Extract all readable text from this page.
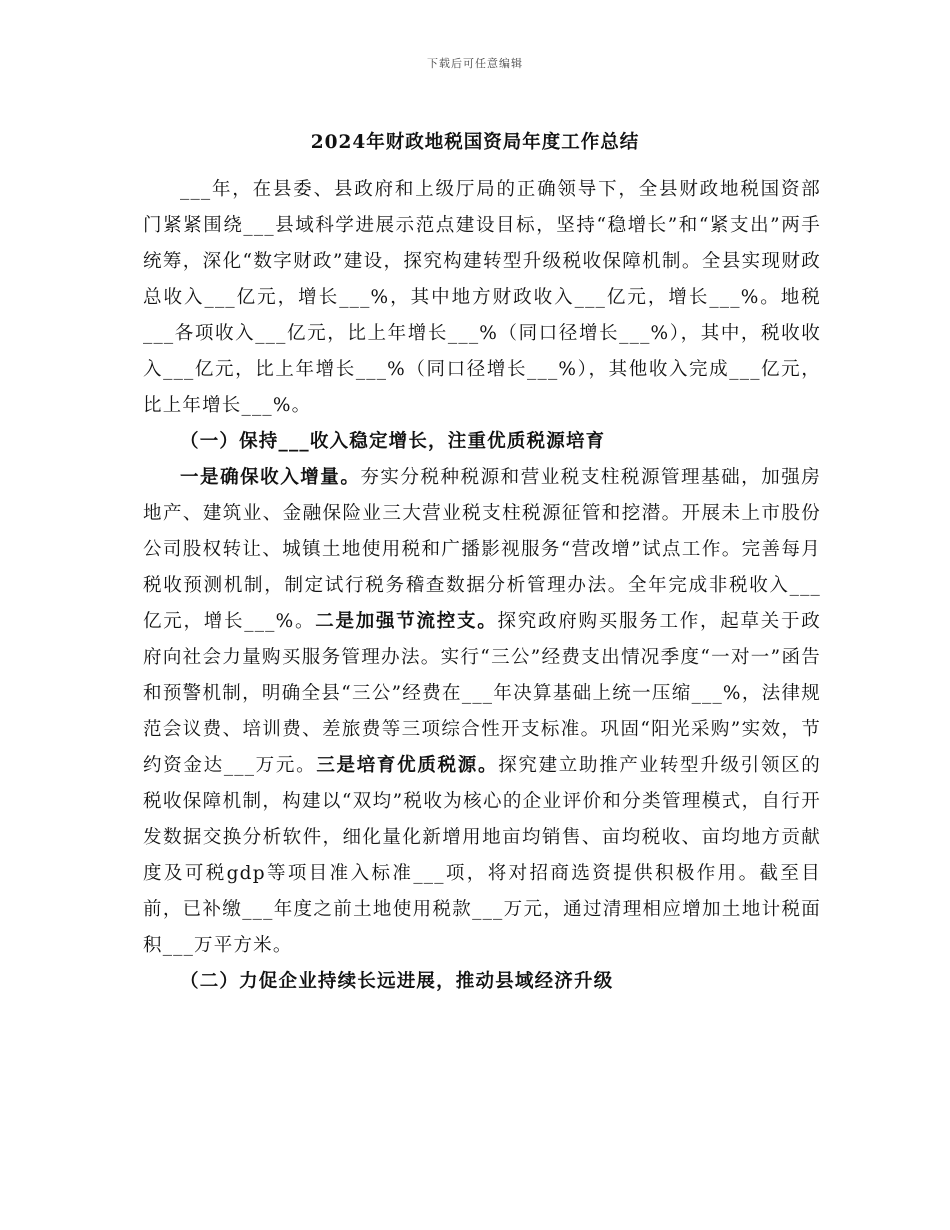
下载后可任意编辑
2024年财政地税国资局年度工作总结

___年，在县委、县政府和上级厅局的正确领导下，全县财政地税国资部门紧紧围绕___县域科学进展示范点建设目标，坚持“稳增长”和“紧支出”两手统筹，深化“数字财政”建设，探究构建转型升级税收保障机制。全县实现财政总收入___亿元，增长___%，其中地方财政收入___亿元，增长___%。地税___各项收入___亿元，比上年增长___%（同口径增长___%），其中，税收收入___亿元，比上年增长___%（同口径增长___%），其他收入完成___亿元，比上年增长___%。

（一）保持___收入稳定增长，注重优质税源培育

一是确保收入增量。夯实分税种税源和营业税支柱税源管理基础，加强房地产、建筑业、金融保险业三大营业税支柱税源征管和挖潜。开展未上市股份公司股权转让、城镇土地使用税和广播影视服务“营改增”试点工作。完善每月税收预测机制，制定试行税务稽查数据分析管理办法。全年完成非税收入___亿元，增长___%。二是加强节流控支。探究政府购买服务工作，起草关于政府向社会力量购买服务管理办法。实行“三公”经费支出情况季度“一对一”函告和预警机制，明确全县“三公”经费在___年决算基础上统一压缩___%，法律规范会议费、培训费、差旅费等三项综合性开支标准。巩固“阳光采购”实效，节约资金达___万元。三是培育优质税源。探究建立助推产业转型升级引领区的税收保障机制，构建以“双均”税收为核心的企业评价和分类管理模式，自行开发数据交换分析软件，细化量化新增用地亩均销售、亩均税收、亩均地方贡献度及可税gdp等项目准入标准___项，将对招商选资提供积极作用。截至目前，已补缴___年度之前土地使用税款___万元，通过清理相应增加土地计税面积___万平方米。

（二）力促企业持续长远进展，推动县域经济升级
